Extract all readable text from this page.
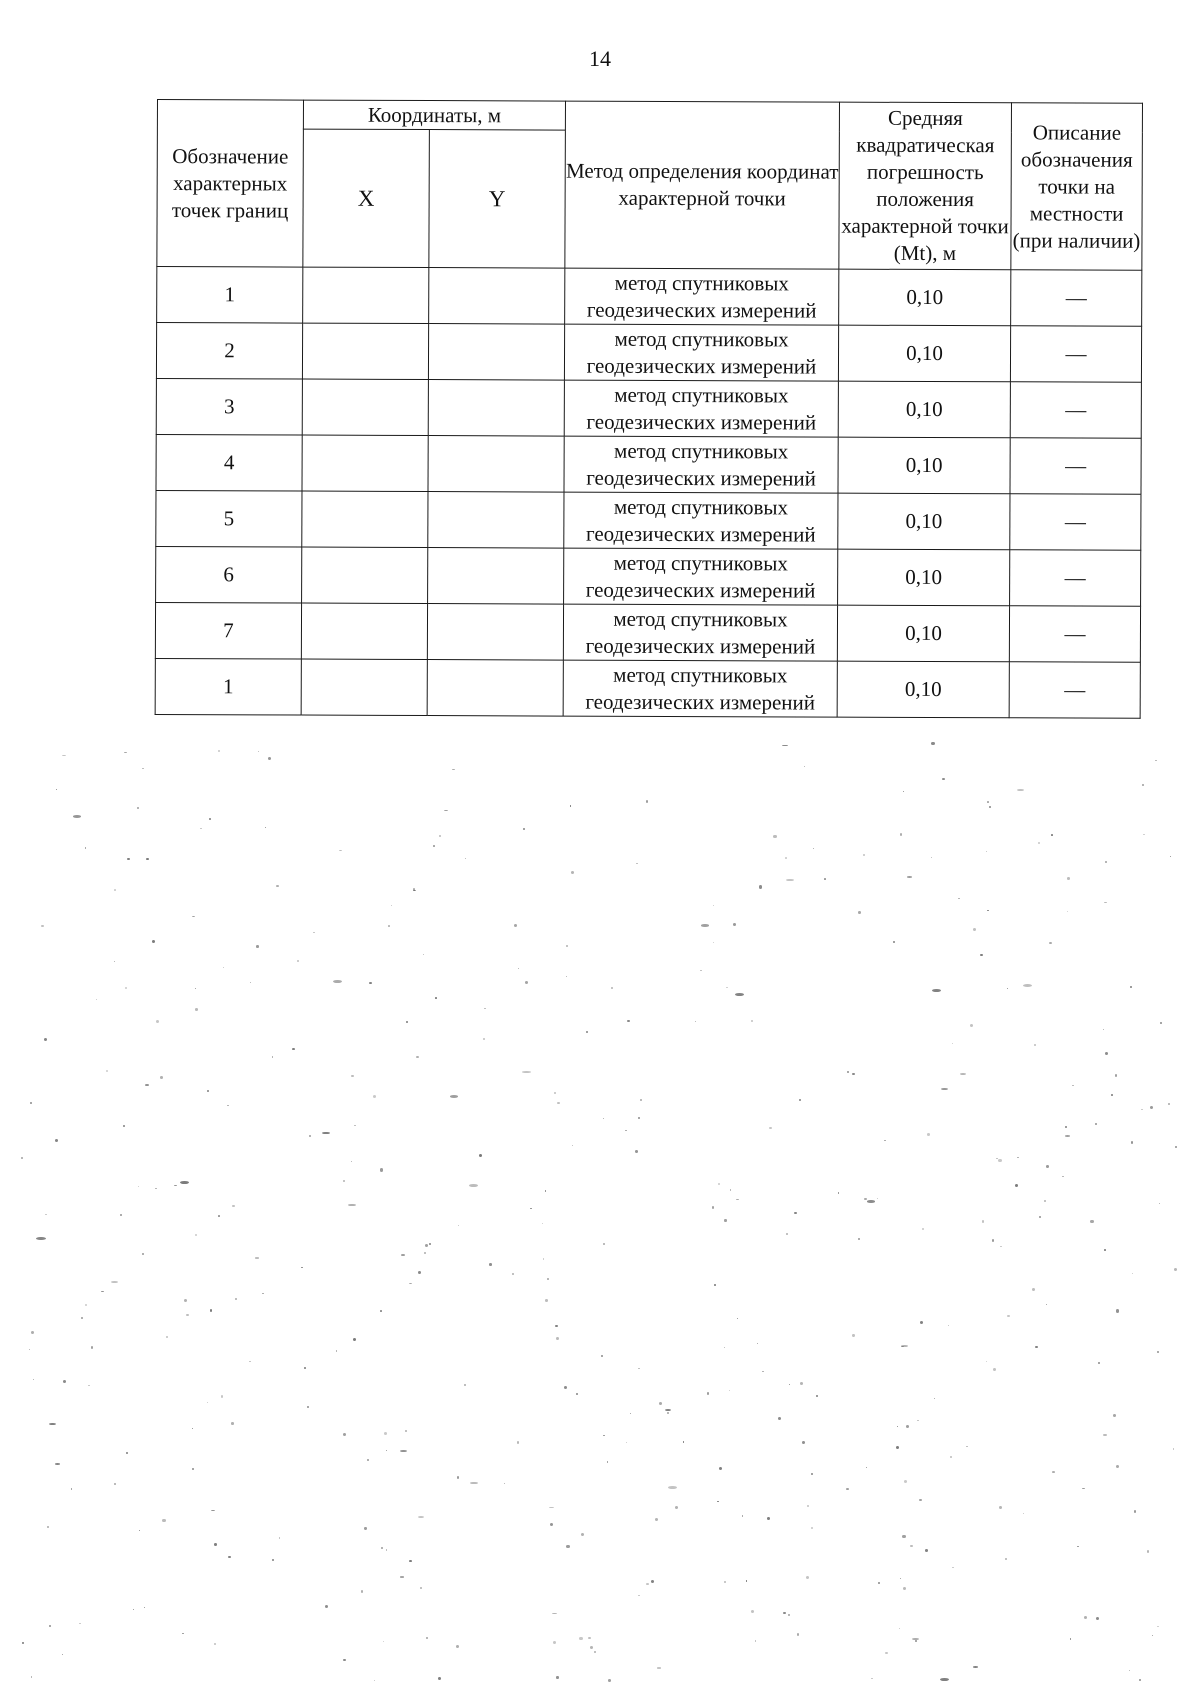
14
Обозначение характерных точек границ	Координаты, м		Метод определения координат характерной точки	Средняя квадратическая погрешность положения характерной точки (Mt), м	Описание обозначения точки на местности (при наличии)
	X	Y			
1			метод спутниковых геодезических измерений	0,10	—
2			метод спутниковых геодезических измерений	0,10	—
3			метод спутниковых геодезических измерений	0,10	—
4			метод спутниковых геодезических измерений	0,10	—
5			метод спутниковых геодезических измерений	0,10	—
6			метод спутниковых геодезических измерений	0,10	—
7			метод спутниковых геодезических измерений	0,10	—
1			метод спутниковых геодезических измерений	0,10	—
